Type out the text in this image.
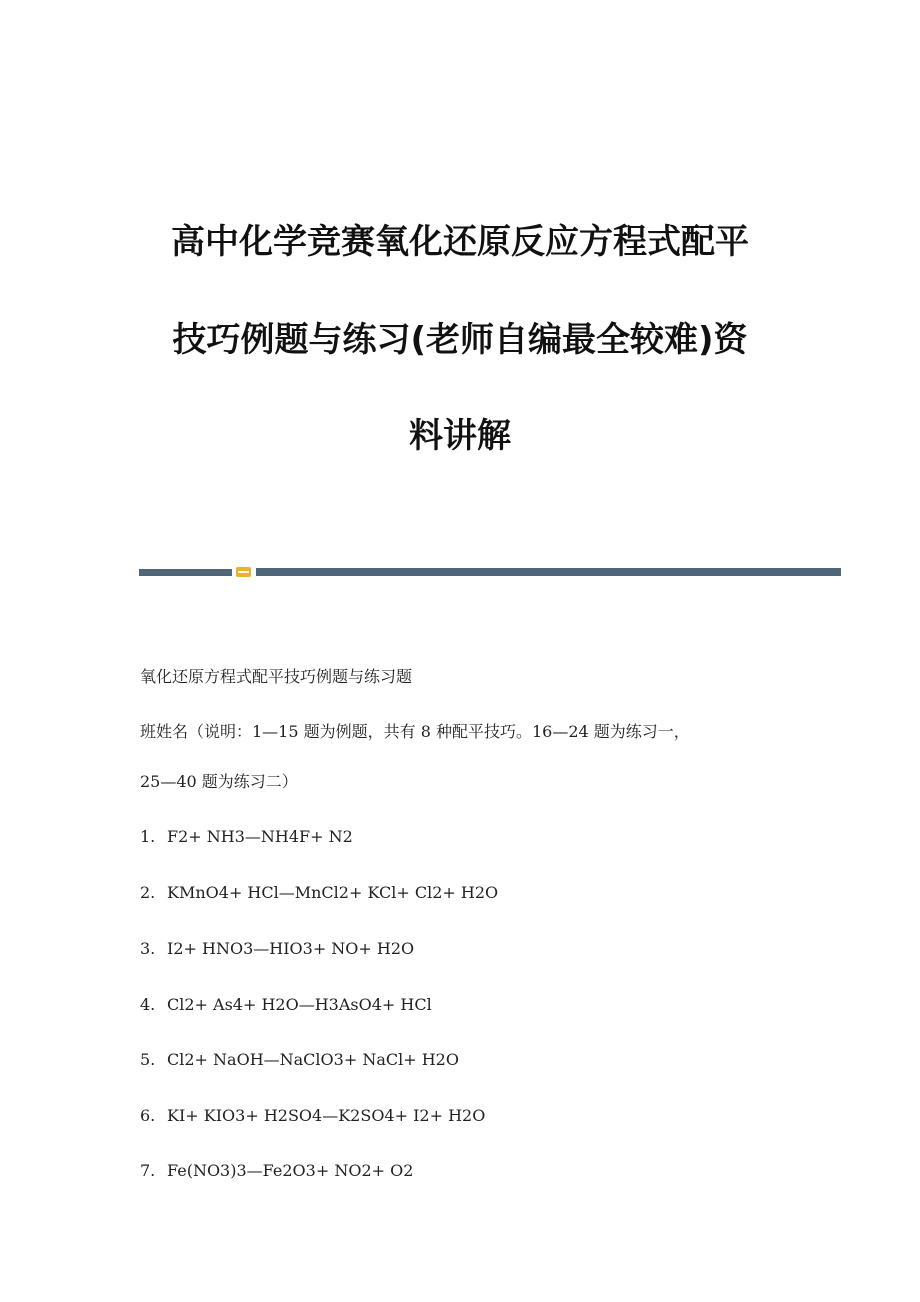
高中化学竞赛氧化还原反应方程式配平
技巧例题与练习(老师自编最全较难)资
料讲解

氧化还原方程式配平技巧例题与练习题

班姓名（说明：1—15 题为例题，共有 8 种配平技巧。16—24 题为练习一，

25—40 题为练习二）

1. F2+ NH3—NH4F+ N2
2. KMnO4+ HCl—MnCl2+ KCl+ Cl2+ H2O
3. I2+ HNO3—HIO3+ NO+ H2O
4. Cl2+ As4+ H2O—H3AsO4+ HCl
5. Cl2+ NaOH—NaClO3+ NaCl+ H2O
6. KI+ KIO3+ H2SO4—K2SO4+ I2+ H2O
7. Fe(NO3)3—Fe2O3+ NO2+ O2
